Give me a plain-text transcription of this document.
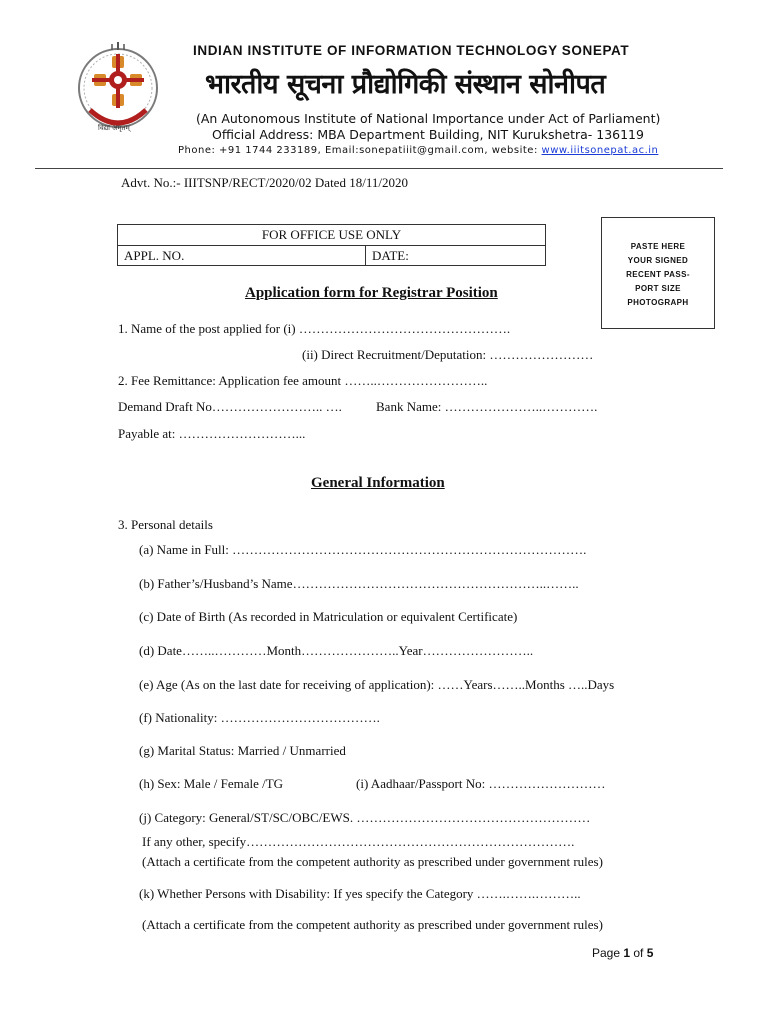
विद्या अमृतम्
INDIAN INSTITUTE OF INFORMATION TECHNOLOGY SONEPAT
भारतीय सूचना प्रौद्योगिकी संस्थान सोनीपत
(An Autonomous Institute of National Importance under Act of Parliament)
Official Address: MBA Department Building, NIT Kurukshetra- 136119
Phone: +91 1744 233189, Email:sonepatiiit@gmail.com, website: www.iiitsonepat.ac.in
Advt. No.:- IIITSNP/RECT/2020/02 Dated 18/11/2020
FOR OFFICE USE ONLY
APPL. NO.	DATE:
PASTE HERE
YOUR SIGNED
RECENT PASS-
PORT SIZE
PHOTOGRAPH
Application form for Registrar Position
1. Name of the post applied for (i) ………………………………………….
(ii) Direct Recruitment/Deputation: ……………………
2. Fee Remittance: Application fee amount ……..……………………..
Demand Draft No…………………….. ….	Bank Name: …………………..………….
Payable at: ………………………...
General Information
3. Personal details
(a) Name in Full: ……………………………………………………………………….
(b) Father’s/Husband’s Name…………………………………………………..……..
(c) Date of Birth (As recorded in Matriculation or equivalent Certificate)
(d) Date……..…………Month…………………..Year……………………..
(e) Age (As on the last date for receiving of application): ……Years……..Months …..Days
(f) Nationality: ……………………………….
(g) Marital Status: Married / Unmarried
(h) Sex: Male / Female /TG	(i) Aadhaar/Passport No: ………………………
(j) Category: General/ST/SC/OBC/EWS. ………………………………………………
If any other, specify………………………………………………………………….
(Attach a certificate from the competent authority as prescribed under government rules)
(k) Whether Persons with Disability: If yes specify the Category …….…….………..
(Attach a certificate from the competent authority as prescribed under government rules)
Page 1 of 5
